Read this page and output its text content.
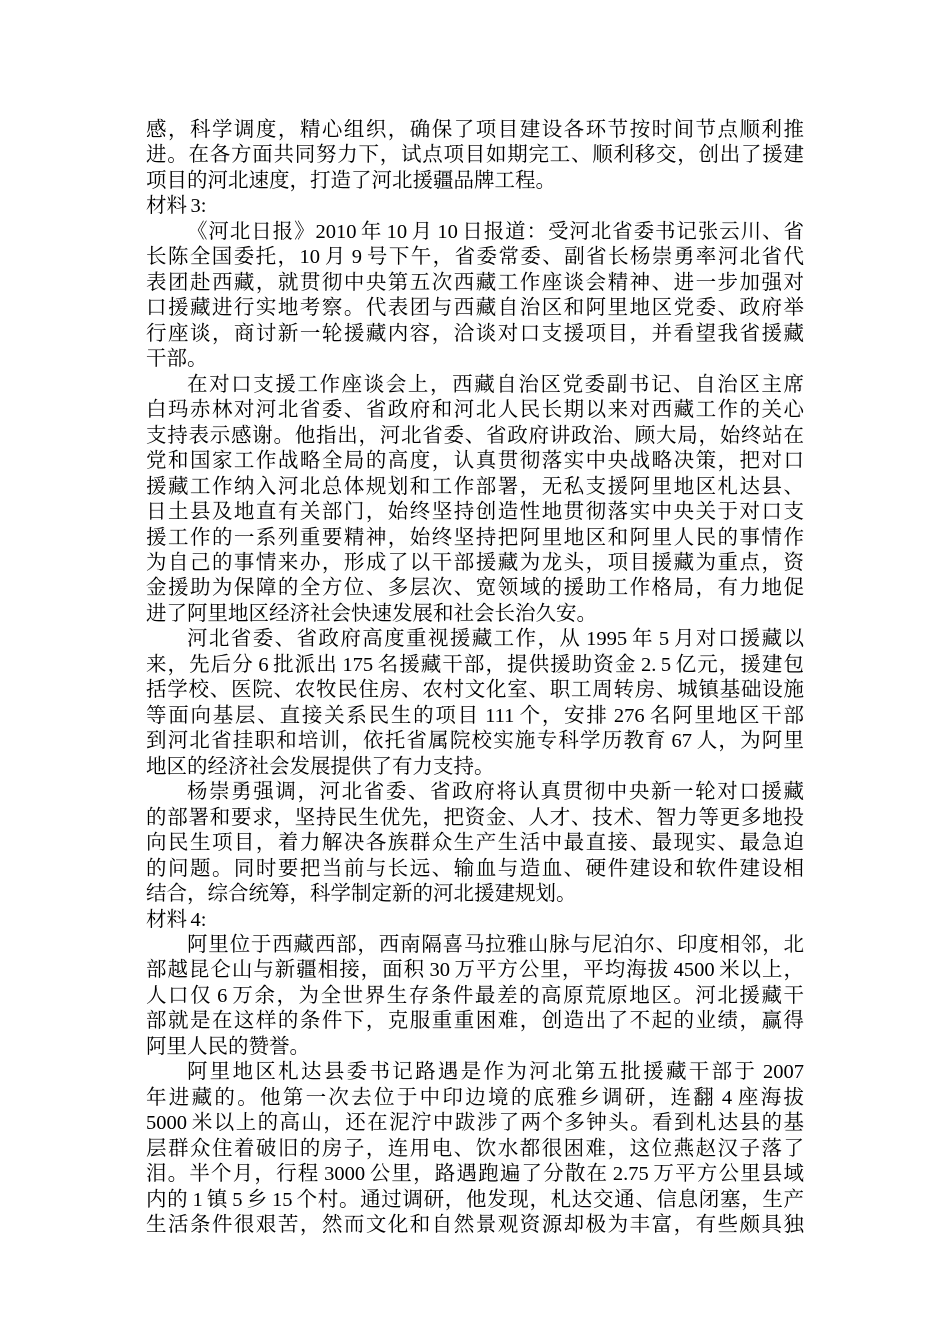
感，科学调度，精心组织，确保了项目建设各环节按时间节点顺利推
进。在各方面共同努力下，试点项目如期完工、顺利移交，创出了援建
项目的河北速度，打造了河北援疆品牌工程。
材料 3:
《河北日报》2010 年 10 月 10 日报道：受河北省委书记张云川、省
长陈全国委托，10 月 9 号下午，省委常委、副省长杨崇勇率河北省代
表团赴西藏，就贯彻中央第五次西藏工作座谈会精神、进一步加强对
口援藏进行实地考察。代表团与西藏自治区和阿里地区党委、政府举
行座谈，商讨新一轮援藏内容，洽谈对口支援项目，并看望我省援藏
干部。
在对口支援工作座谈会上，西藏自治区党委副书记、自治区主席
白玛赤林对河北省委、省政府和河北人民长期以来对西藏工作的关心
支持表示感谢。他指出，河北省委、省政府讲政治、顾大局，始终站在
党和国家工作战略全局的高度，认真贯彻落实中央战略决策，把对口
援藏工作纳入河北总体规划和工作部署，无私支援阿里地区札达县、
日土县及地直有关部门，始终坚持创造性地贯彻落实中央关于对口支
援工作的一系列重要精神，始终坚持把阿里地区和阿里人民的事情作
为自己的事情来办，形成了以干部援藏为龙头，项目援藏为重点，资
金援助为保障的全方位、多层次、宽领域的援助工作格局，有力地促
进了阿里地区经济社会快速发展和社会长治久安。
河北省委、省政府高度重视援藏工作，从 1995 年 5 月对口援藏以
来，先后分 6 批派出 175 名援藏干部，提供援助资金 2. 5 亿元，援建包
括学校、医院、农牧民住房、农村文化室、职工周转房、城镇基础设施
等面向基层、直接关系民生的项目 111 个，安排 276 名阿里地区干部
到河北省挂职和培训，依托省属院校实施专科学历教育 67 人，为阿里
地区的经济社会发展提供了有力支持。
杨崇勇强调，河北省委、省政府将认真贯彻中央新一轮对口援藏
的部署和要求，坚持民生优先，把资金、人才、技术、智力等更多地投
向民生项目，着力解决各族群众生产生活中最直接、最现实、最急迫
的问题。同时要把当前与长远、输血与造血、硬件建设和软件建设相
结合，综合统筹，科学制定新的河北援建规划。
材料 4:
阿里位于西藏西部，西南隔喜马拉雅山脉与尼泊尔、印度相邻，北
部越昆仑山与新疆相接，面积 30 万平方公里，平均海拔 4500 米以上，
人口仅 6 万余，为全世界生存条件最差的高原荒原地区。河北援藏干
部就是在这样的条件下，克服重重困难，创造出了不起的业绩，赢得
阿里人民的赞誉。
阿里地区札达县委书记路遇是作为河北第五批援藏干部于 2007
年进藏的。他第一次去位于中印边境的底雅乡调研，连翻 4 座海拔
5000 米以上的高山，还在泥泞中跋涉了两个多钟头。看到札达县的基
层群众住着破旧的房子，连用电、饮水都很困难，这位燕赵汉子落了
泪。半个月，行程 3000 公里，路遇跑遍了分散在 2.75 万平方公里县域
内的 1 镇 5 乡 15 个村。通过调研，他发现，札达交通、信息闭塞，生产
生活条件很艰苦，然而文化和自然景观资源却极为丰富，有些颇具独
